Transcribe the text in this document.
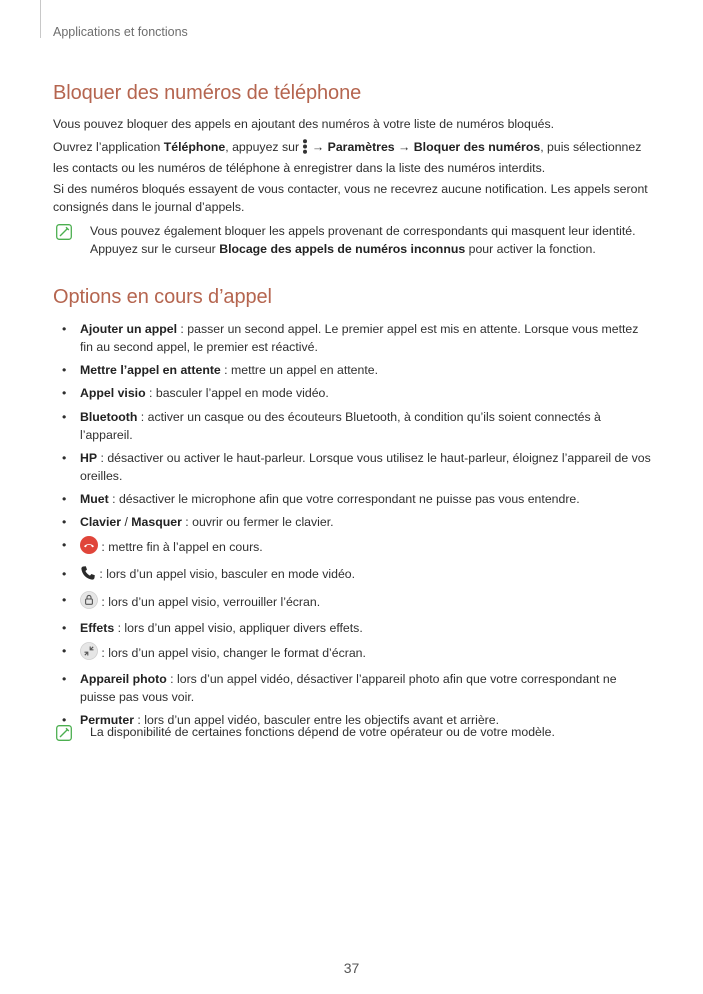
Applications et fonctions
Bloquer des numéros de téléphone

Vous pouvez bloquer des appels en ajoutant des numéros à votre liste de numéros bloqués.

Ouvrez l’application Téléphone, appuyez sur  → Paramètres → Bloquer des numéros, puis sélectionnez les contacts ou les numéros de téléphone à enregistrer dans la liste des numéros interdits.

Si des numéros bloqués essayent de vous contacter, vous ne recevrez aucune notification. Les appels seront consignés dans le journal d’appels.

Vous pouvez également bloquer les appels provenant de correspondants qui masquent leur identité. Appuyez sur le curseur Blocage des appels de numéros inconnus pour activer la fonction.
Options en cours d’appel
• Ajouter un appel : passer un second appel. Le premier appel est mis en attente. Lorsque vous mettez fin au second appel, le premier est réactivé.
• Mettre l’appel en attente : mettre un appel en attente.
• Appel visio : basculer l’appel en mode vidéo.
• Bluetooth : activer un casque ou des écouteurs Bluetooth, à condition qu’ils soient connectés à l’appareil.
• HP : désactiver ou activer le haut-parleur. Lorsque vous utilisez le haut-parleur, éloignez l’appareil de vos oreilles.
• Muet : désactiver le microphone afin que votre correspondant ne puisse pas vous entendre.
• Clavier / Masquer : ouvrir ou fermer le clavier.
• : mettre fin à l’appel en cours.
• : lors d’un appel visio, basculer en mode vidéo.
• : lors d’un appel visio, verrouiller l’écran.
• Effets : lors d’un appel visio, appliquer divers effets.
• : lors d’un appel visio, changer le format d’écran.
• Appareil photo : lors d’un appel vidéo, désactiver l’appareil photo afin que votre correspondant ne puisse pas vous voir.
• Permuter : lors d’un appel vidéo, basculer entre les objectifs avant et arrière.
La disponibilité de certaines fonctions dépend de votre opérateur ou de votre modèle.
37
